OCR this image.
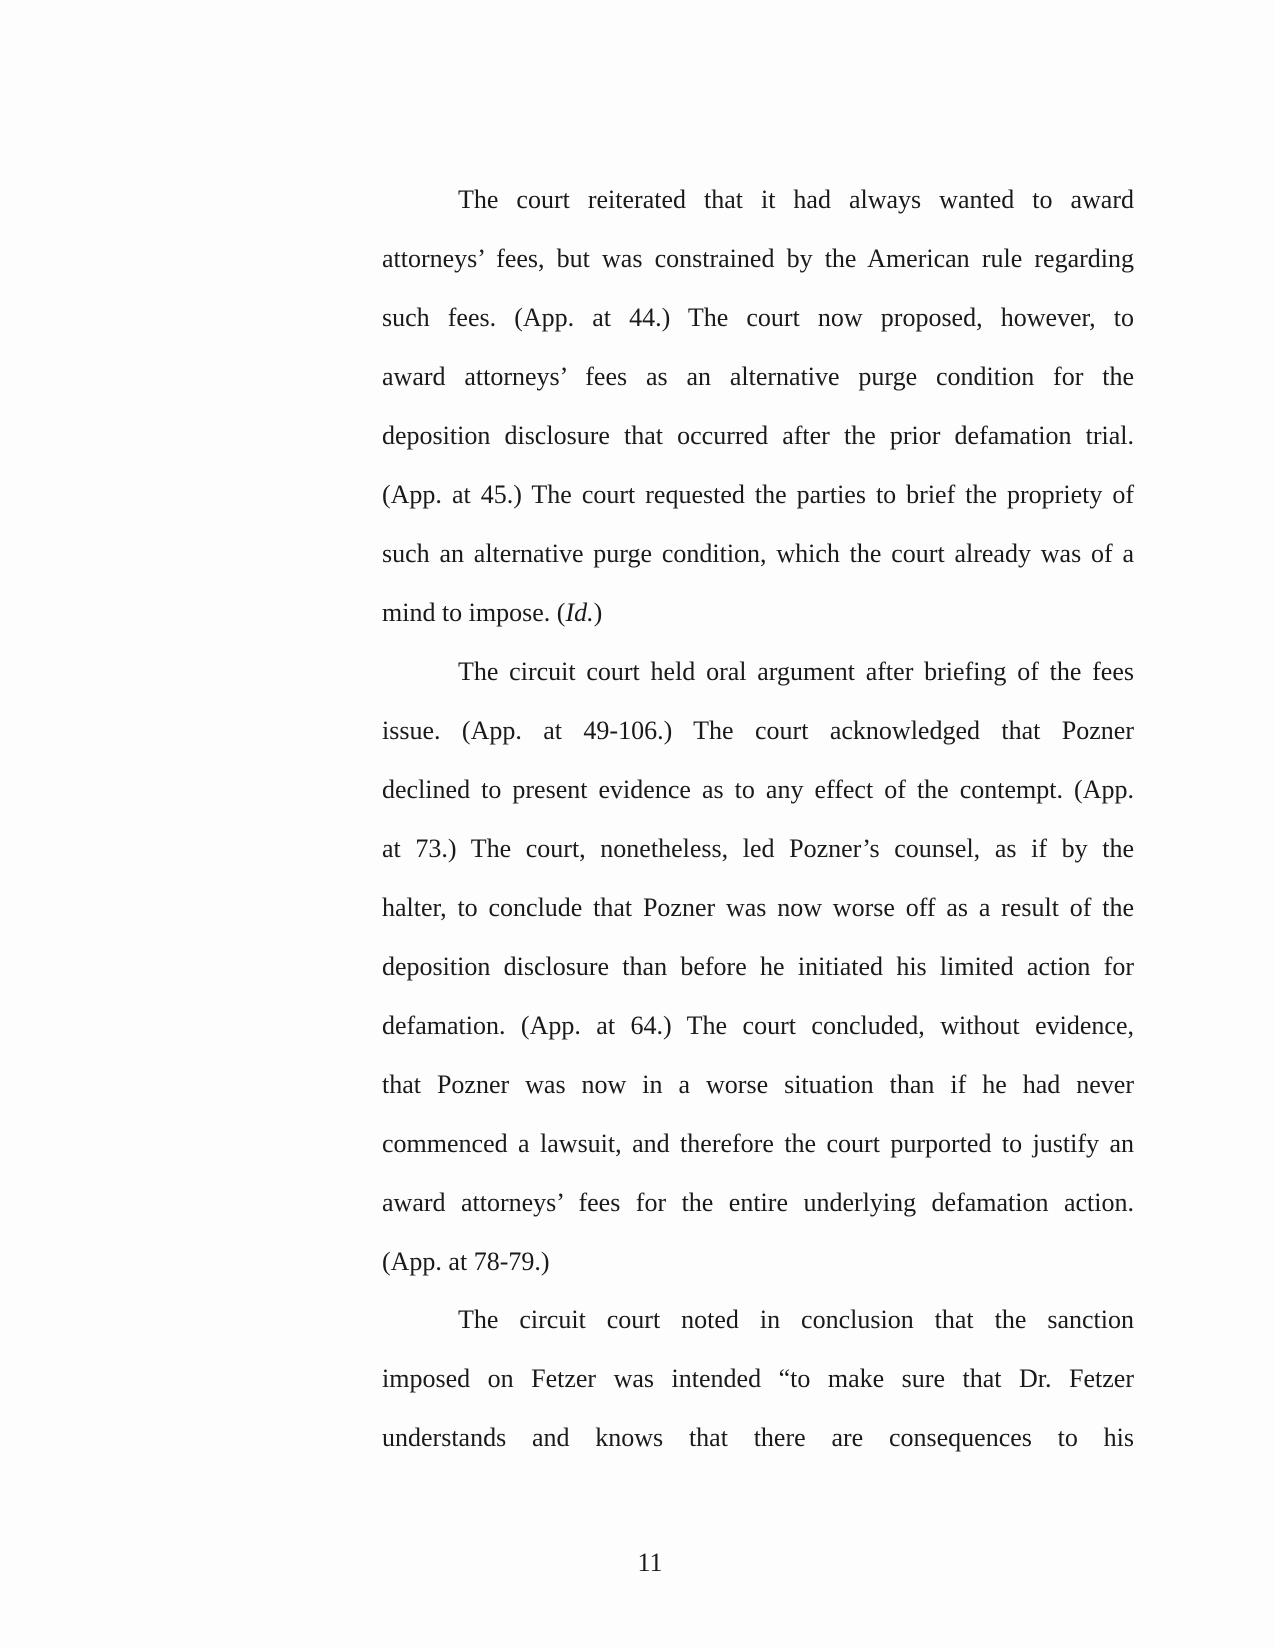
The court reiterated that it had always wanted to award
attorneys’ fees, but was constrained by the American rule regarding
such fees. (App. at 44.) The court now proposed, however, to
award attorneys’ fees as an alternative purge condition for the
deposition disclosure that occurred after the prior defamation trial.
(App. at 45.) The court requested the parties to brief the propriety of
such an alternative purge condition, which the court already was of a
mind to impose. (Id.)
The circuit court held oral argument after briefing of the fees
issue. (App. at 49-106.) The court acknowledged that Pozner
declined to present evidence as to any effect of the contempt. (App.
at 73.) The court, nonetheless, led Pozner’s counsel, as if by the
halter, to conclude that Pozner was now worse off as a result of the
deposition disclosure than before he initiated his limited action for
defamation. (App. at 64.) The court concluded, without evidence,
that Pozner was now in a worse situation than if he had never
commenced a lawsuit, and therefore the court purported to justify an
award attorneys’ fees for the entire underlying defamation action.
(App. at 78-79.)
The circuit court noted in conclusion that the sanction
imposed on Fetzer was intended “to make sure that Dr. Fetzer
understands and knows that there are consequences to his
11
